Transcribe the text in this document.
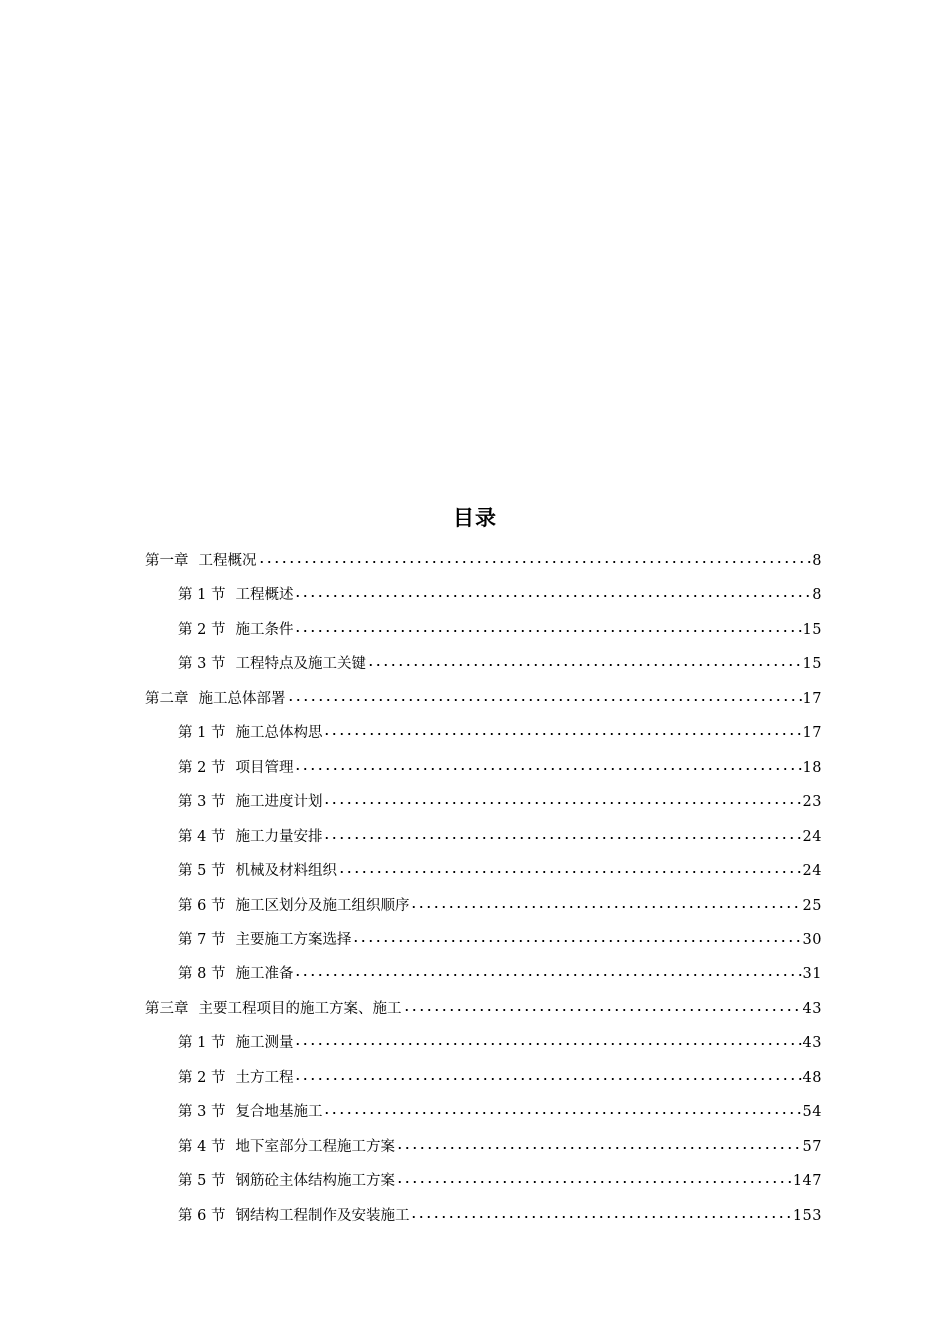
目录
第一章 工程概况	8
第 1 节 工程概述	8
第 2 节 施工条件	15
第 3 节 工程特点及施工关键	15
第二章 施工总体部署	17
第 1 节 施工总体构思	17
第 2 节 项目管理	18
第 3 节 施工进度计划	23
第 4 节 施工力量安排	24
第 5 节 机械及材料组织	24
第 6 节 施工区划分及施工组织顺序	25
第 7 节 主要施工方案选择	30
第 8 节 施工准备	31
第三章 主要工程项目的施工方案、施工	43
第 1 节 施工测量	43
第 2 节 土方工程	48
第 3 节 复合地基施工	54
第 4 节 地下室部分工程施工方案	57
第 5 节 钢筋砼主体结构施工方案	147
第 6 节 钢结构工程制作及安装施工	153
